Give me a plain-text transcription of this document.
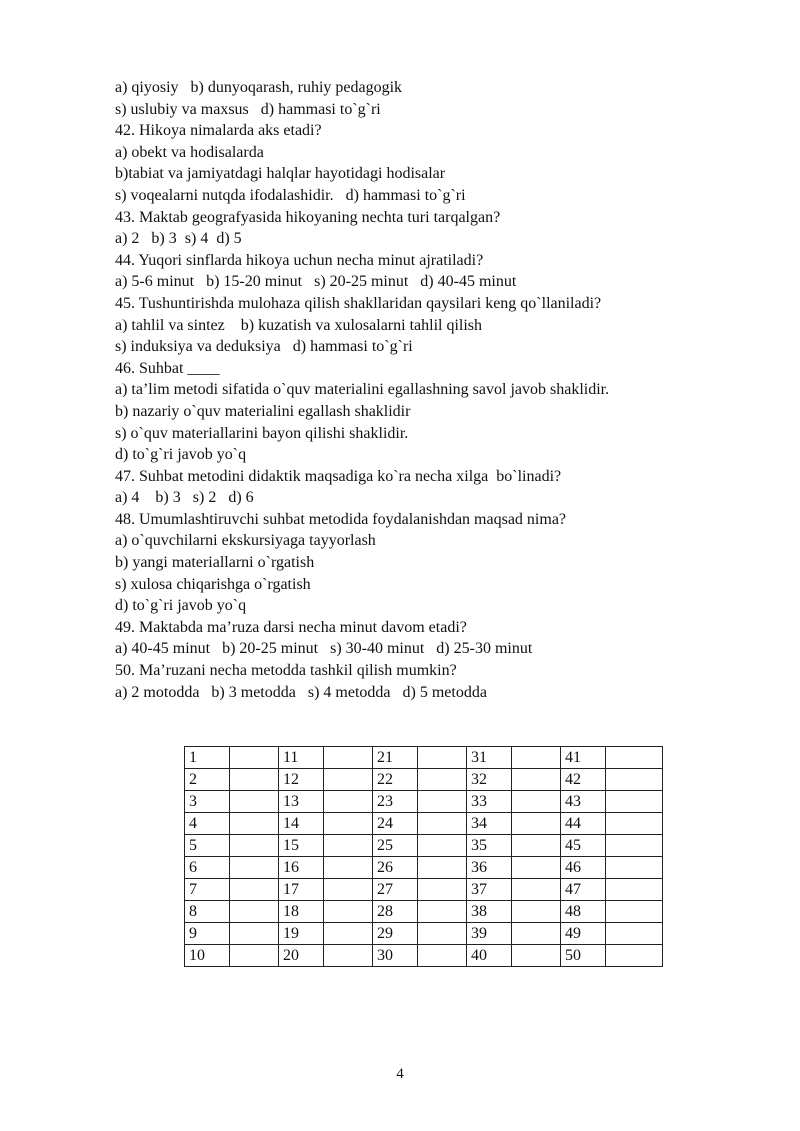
a) qiyosiy   b) dunyoqarash, ruhiy pedagogik
s) uslubiy va maxsus   d) hammasi to`g`ri
42. Hikoya nimalarda aks etadi?
a) obekt va hodisalarda
b)tabiat va jamiyatdagi halqlar hayotidagi hodisalar
s) voqealarni nutqda ifodalashidir.   d) hammasi to`g`ri
43. Maktab geografyasida hikoyaning nechta turi tarqalgan?
a) 2   b) 3  s) 4  d) 5
44. Yuqori sinflarda hikoya uchun necha minut ajratiladi?
a) 5-6 minut   b) 15-20 minut   s) 20-25 minut   d) 40-45 minut
45. Tushuntirishda mulohaza qilish shakllaridan qaysilari keng qo`llaniladi?
a) tahlil va sintez    b) kuzatish va xulosalarni tahlil qilish
s) induksiya va deduksiya   d) hammasi to`g`ri
46. Suhbat ____
a) ta’lim metodi sifatida o`quv materialini egallashning savol javob shaklidir.
b) nazariy o`quv materialini egallash shaklidir
s) o`quv materiallarini bayon qilishi shaklidir.
d) to`g`ri javob yo`q
47. Suhbat metodini didaktik maqsadiga ko`ra necha xilga  bo`linadi?
a) 4    b) 3   s) 2   d) 6
48. Umumlashtiruvchi suhbat metodida foydalanishdan maqsad nima?
a) o`quvchilarni ekskursiyaga tayyorlash
b) yangi materiallarni o`rgatish
s) xulosa chiqarishga o`rgatish
d) to`g`ri javob yo`q
49. Maktabda ma’ruza darsi necha minut davom etadi?
a) 40-45 minut   b) 20-25 minut   s) 30-40 minut   d) 25-30 minut
50. Ma’ruzani necha metodda tashkil qilish mumkin?
a) 2 motodda   b) 3 metodda   s) 4 metodda   d) 5 metodda
1		11		21		31		41	
2		12		22		32		42	
3		13		23		33		43	
4		14		24		34		44	
5		15		25		35		45	
6		16		26		36		46	
7		17		27		37		47	
8		18		28		38		48	
9		19		29		39		49	
10		20		30		40		50	
4
